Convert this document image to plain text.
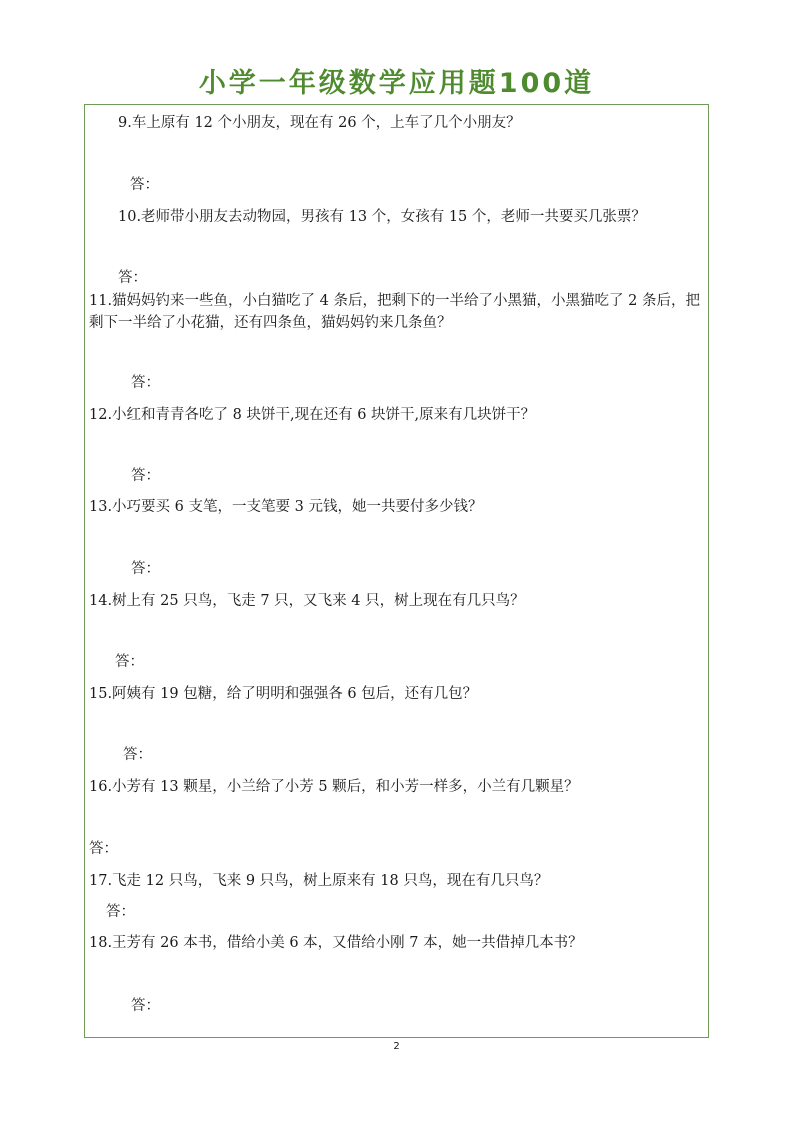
小学一年级数学应用题100道
9.车上原有 12 个小朋友，现在有 26 个，上车了几个小朋友？
答：
10.老师带小朋友去动物园，男孩有 13 个，女孩有 15 个，老师一共要买几张票？
答：
11.猫妈妈钓来一些鱼，小白猫吃了 4 条后，把剩下的一半给了小黑猫，小黑猫吃了 2 条后，把剩下一半给了小花猫，还有四条鱼，猫妈妈钓来几条鱼？
答：
12.小红和青青各吃了 8 块饼干,现在还有 6 块饼干,原来有几块饼干？
答：
13.小巧要买 6 支笔，一支笔要 3 元钱，她一共要付多少钱？
答：
14.树上有 25 只鸟，飞走 7 只，又飞来 4 只，树上现在有几只鸟？
答：
15.阿姨有 19 包糖，给了明明和强强各 6 包后，还有几包？
答：
16.小芳有 13 颗星，小兰给了小芳 5 颗后，和小芳一样多，小兰有几颗星？
答：
17.飞走 12 只鸟，飞来 9 只鸟，树上原来有 18 只鸟，现在有几只鸟？
答：
18.王芳有 26 本书，借给小美 6 本，又借给小刚 7 本，她一共借掉几本书？
答：
2
